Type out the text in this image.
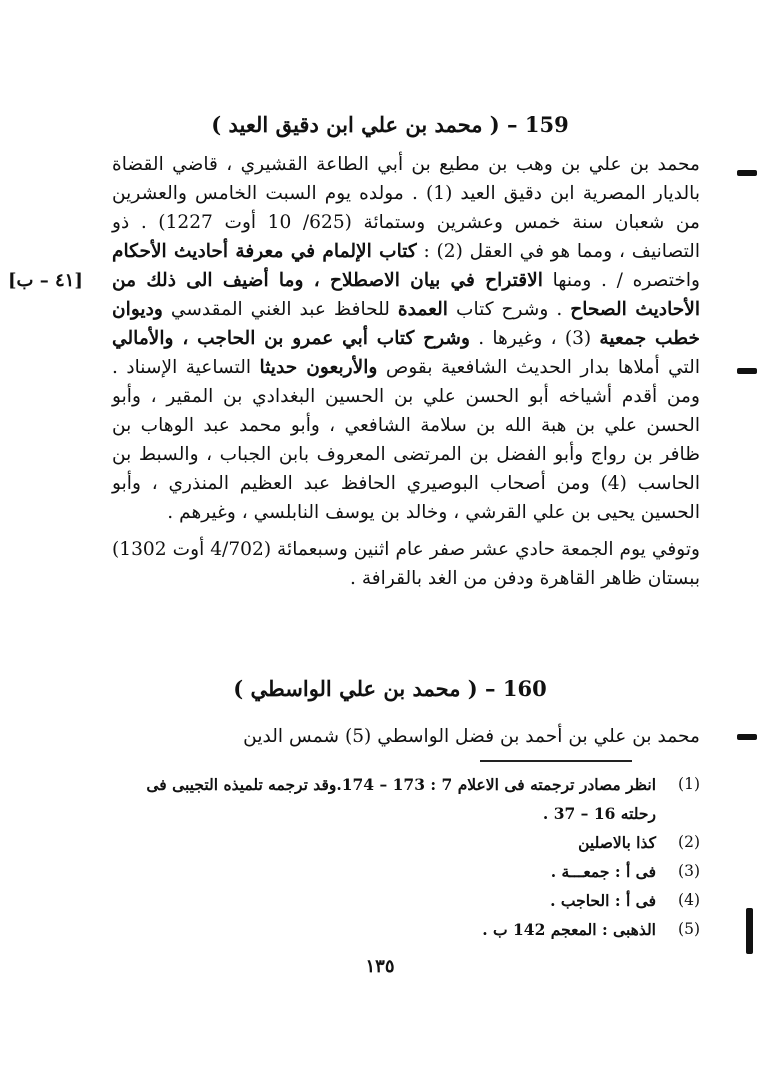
159 – ( محمد بن علي ابن دقيق العيد )
[٤١ – ب]

محمد بن علي بن وهب بن مطيع بن أبي الطاعة القشيري ، قاضي القضاة بالديار المصرية ابن دقيق العيد (1) . مولده يوم السبت الخامس والعشرين من شعبان سنة خمس وعشرين وستمائة (625/ 10 أوت 1227) . ذو التصانيف ، ومما هو في العقل (2) : كتاب الإلمام في معرفة أحاديث الأحكام واختصره / . ومنها الاقتراح في بيان الاصطلاح ، وما أضيف الى ذلك من الأحاديث الصحاح . وشرح كتاب العمدة للحافظ عبد الغني المقدسي وديوان خطب جمعية (3) ، وغيرها . وشرح كتاب أبي عمرو بن الحاجب ، والأمالي التي أملاها بدار الحديث الشافعية بقوص والأربعون حديثا التساعية الإسناد . ومن أقدم أشياخه أبو الحسن علي بن الحسين البغدادي بن المقير ، وأبو الحسن علي بن هبة الله بن سلامة الشافعي ، وأبو محمد عبد الوهاب بن ظافر بن رواج وأبو الفضل بن المرتضى المعروف بابن الجباب ، والسبط بن الحاسب (4) ومن أصحاب البوصيري الحافظ عبد العظيم المنذري ، وأبو الحسين يحيى بن علي القرشي ، وخالد بن يوسف النابلسي ، وغيرهم .

وتوفي يوم الجمعة حادي عشر صفر عام اثنين وسبعمائة (4/702 أوت 1302) ببستان ظاهر القاهرة ودفن من الغد بالقرافة .

160 – ( محمد بن علي الواسطي )
محمد بن علي بن أحمد بن فضل الواسطي (5) شمس الدين
(1)
انظر مصادر ترجمته فى الاعلام 7 : 173 – 174.وقد ترجمه تلميذه التجيبى فى رحلته 16 – 37 .
(2)
كذا بالاصلين
(3)
فى أ : جمعـــة .
(4)
فى أ : الحاجب .
(5)
الذهبى : المعجم 142 ب .
١٣٥
